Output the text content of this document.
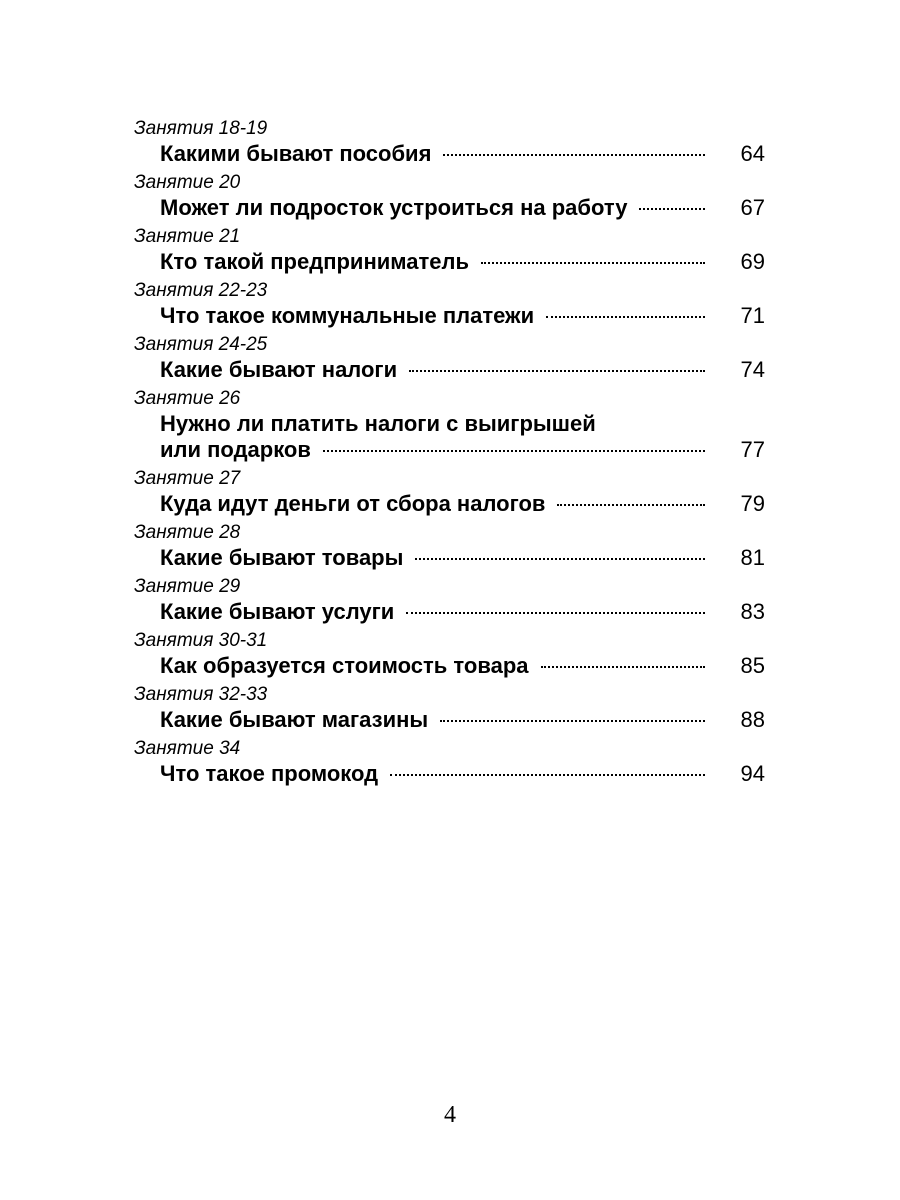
Занятия 18-19
Какими бывают пособия	64
Занятие 20
Может ли подросток устроиться на работу	67
Занятие 21
Кто такой предприниматель	69
Занятия 22-23
Что такое коммунальные платежи	71
Занятия 24-25
Какие бывают налоги	74
Занятие 26
Нужно ли платить налоги с выигрышей
или подарков	77
Занятие 27
Куда идут деньги от сбора налогов	79
Занятие 28
Какие бывают товары	81
Занятие 29
Какие бывают услуги	83
Занятия 30-31
Как образуется стоимость товара	85
Занятия 32-33
Какие бывают магазины	88
Занятие 34
Что такое промокод	94
4
